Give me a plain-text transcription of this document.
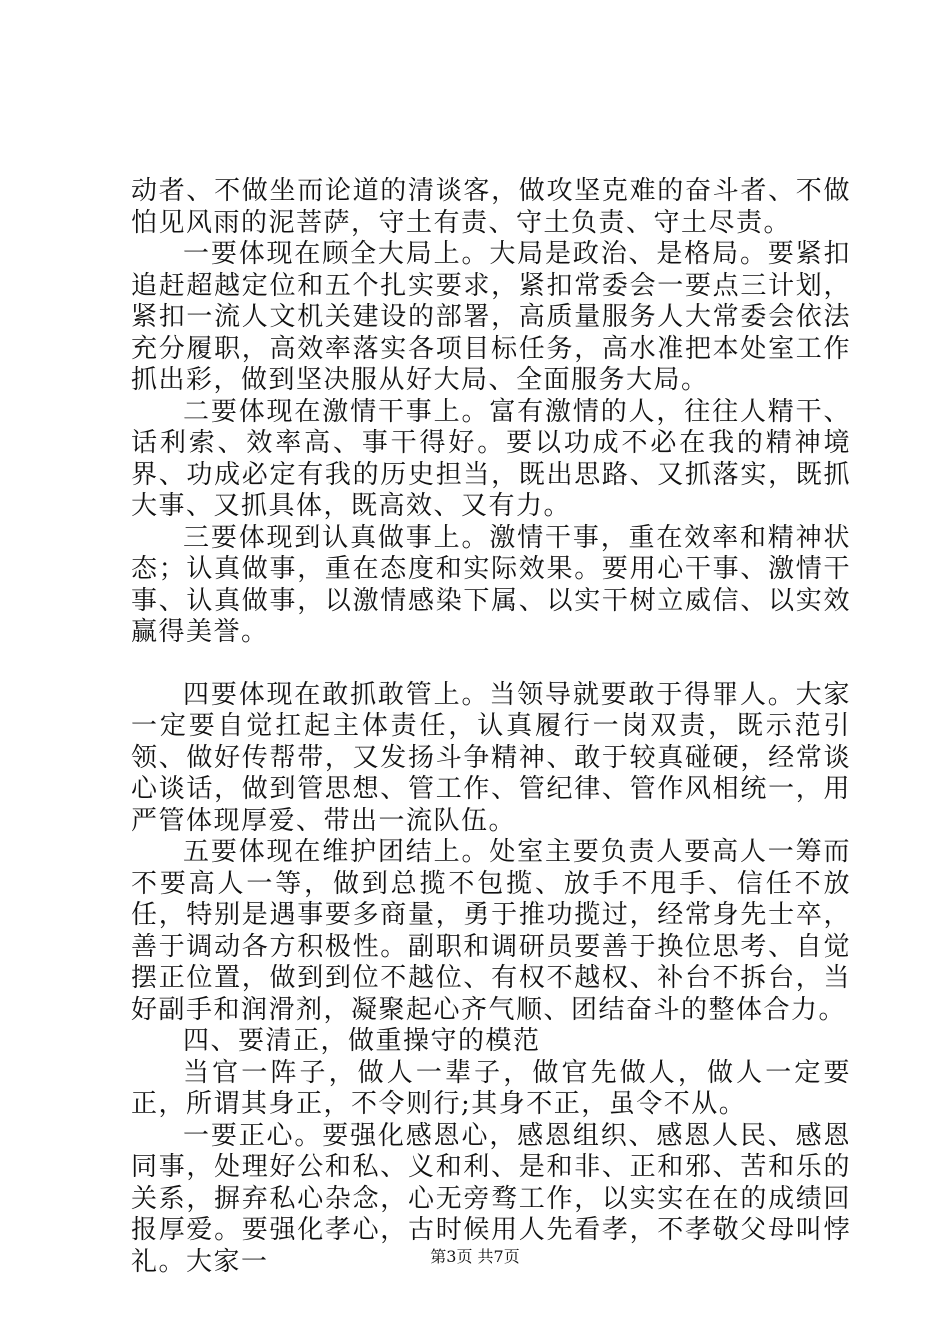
动者、不做坐而论道的清谈客，做攻坚克难的奋斗者、不做怕见风雨的泥菩萨，守土有责、守土负责、守土尽责。

一要体现在顾全大局上。大局是政治、是格局。要紧扣追赶超越定位和五个扎实要求，紧扣常委会一要点三计划，紧扣一流人文机关建设的部署，高质量服务人大常委会依法充分履职，高效率落实各项目标任务，高水准把本处室工作抓出彩，做到坚决服从好大局、全面服务大局。

二要体现在激情干事上。富有激情的人，往往人精干、话利索、效率高、事干得好。要以功成不必在我的精神境界、功成必定有我的历史担当，既出思路、又抓落实，既抓大事、又抓具体，既高效、又有力。

三要体现到认真做事上。激情干事，重在效率和精神状态；认真做事，重在态度和实际效果。要用心干事、激情干事、认真做事，以激情感染下属、以实干树立威信、以实效赢得美誉。

四要体现在敢抓敢管上。当领导就要敢于得罪人。大家一定要自觉扛起主体责任，认真履行一岗双责，既示范引领、做好传帮带，又发扬斗争精神、敢于较真碰硬，经常谈心谈话，做到管思想、管工作、管纪律、管作风相统一，用严管体现厚爱、带出一流队伍。

五要体现在维护团结上。处室主要负责人要高人一筹而不要高人一等，做到总揽不包揽、放手不甩手、信任不放任，特别是遇事要多商量，勇于推功揽过，经常身先士卒，善于调动各方积极性。副职和调研员要善于换位思考、自觉摆正位置，做到到位不越位、有权不越权、补台不拆台，当好副手和润滑剂，凝聚起心齐气顺、团结奋斗的整体合力。

四、要清正，做重操守的模范

当官一阵子，做人一辈子，做官先做人，做人一定要正，所谓其身正，不令则行;其身不正，虽令不从。

一要正心。要强化感恩心，感恩组织、感恩人民、感恩同事，处理好公和私、义和利、是和非、正和邪、苦和乐的关系，摒弃私心杂念，心无旁骛工作，以实实在在的成绩回报厚爱。要强化孝心，古时候用人先看孝，不孝敬父母叫悖礼。大家一	第3页 共7页
